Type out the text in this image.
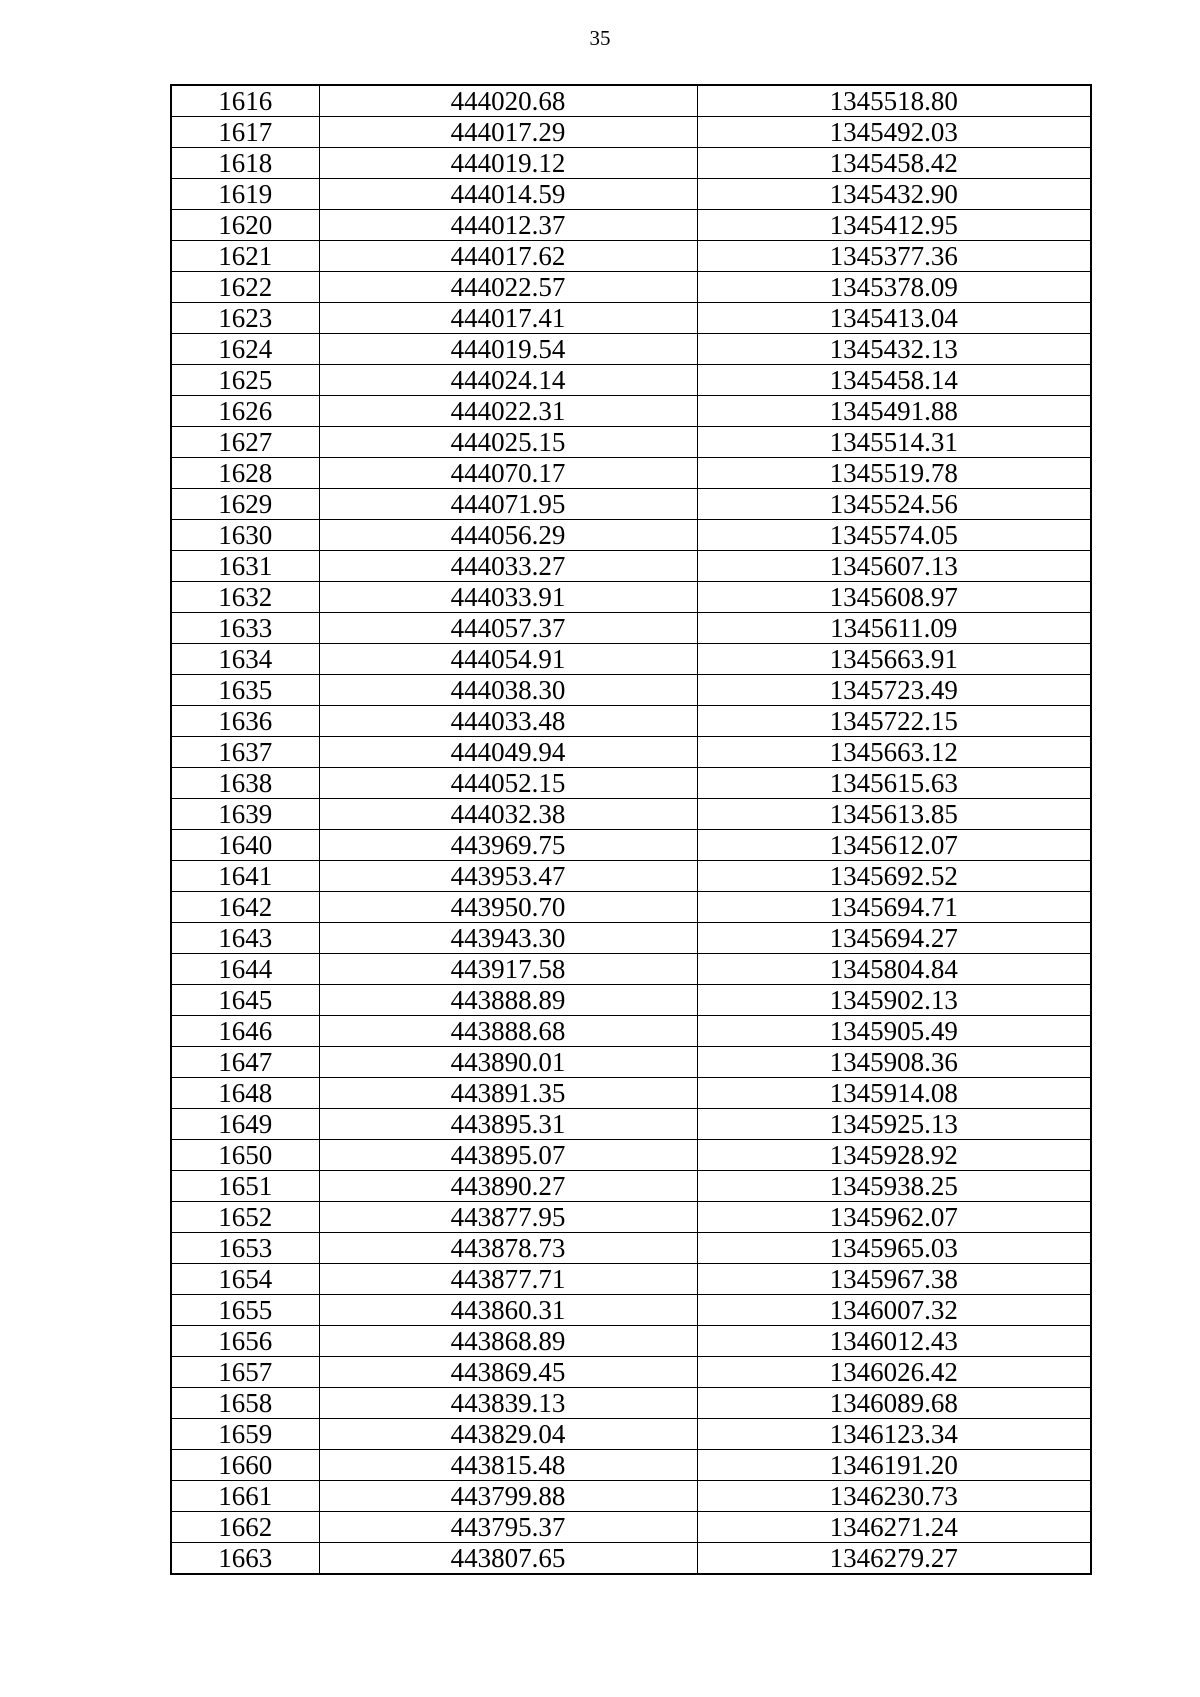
35
1616	444020.68	1345518.80
1617	444017.29	1345492.03
1618	444019.12	1345458.42
1619	444014.59	1345432.90
1620	444012.37	1345412.95
1621	444017.62	1345377.36
1622	444022.57	1345378.09
1623	444017.41	1345413.04
1624	444019.54	1345432.13
1625	444024.14	1345458.14
1626	444022.31	1345491.88
1627	444025.15	1345514.31
1628	444070.17	1345519.78
1629	444071.95	1345524.56
1630	444056.29	1345574.05
1631	444033.27	1345607.13
1632	444033.91	1345608.97
1633	444057.37	1345611.09
1634	444054.91	1345663.91
1635	444038.30	1345723.49
1636	444033.48	1345722.15
1637	444049.94	1345663.12
1638	444052.15	1345615.63
1639	444032.38	1345613.85
1640	443969.75	1345612.07
1641	443953.47	1345692.52
1642	443950.70	1345694.71
1643	443943.30	1345694.27
1644	443917.58	1345804.84
1645	443888.89	1345902.13
1646	443888.68	1345905.49
1647	443890.01	1345908.36
1648	443891.35	1345914.08
1649	443895.31	1345925.13
1650	443895.07	1345928.92
1651	443890.27	1345938.25
1652	443877.95	1345962.07
1653	443878.73	1345965.03
1654	443877.71	1345967.38
1655	443860.31	1346007.32
1656	443868.89	1346012.43
1657	443869.45	1346026.42
1658	443839.13	1346089.68
1659	443829.04	1346123.34
1660	443815.48	1346191.20
1661	443799.88	1346230.73
1662	443795.37	1346271.24
1663	443807.65	1346279.27
